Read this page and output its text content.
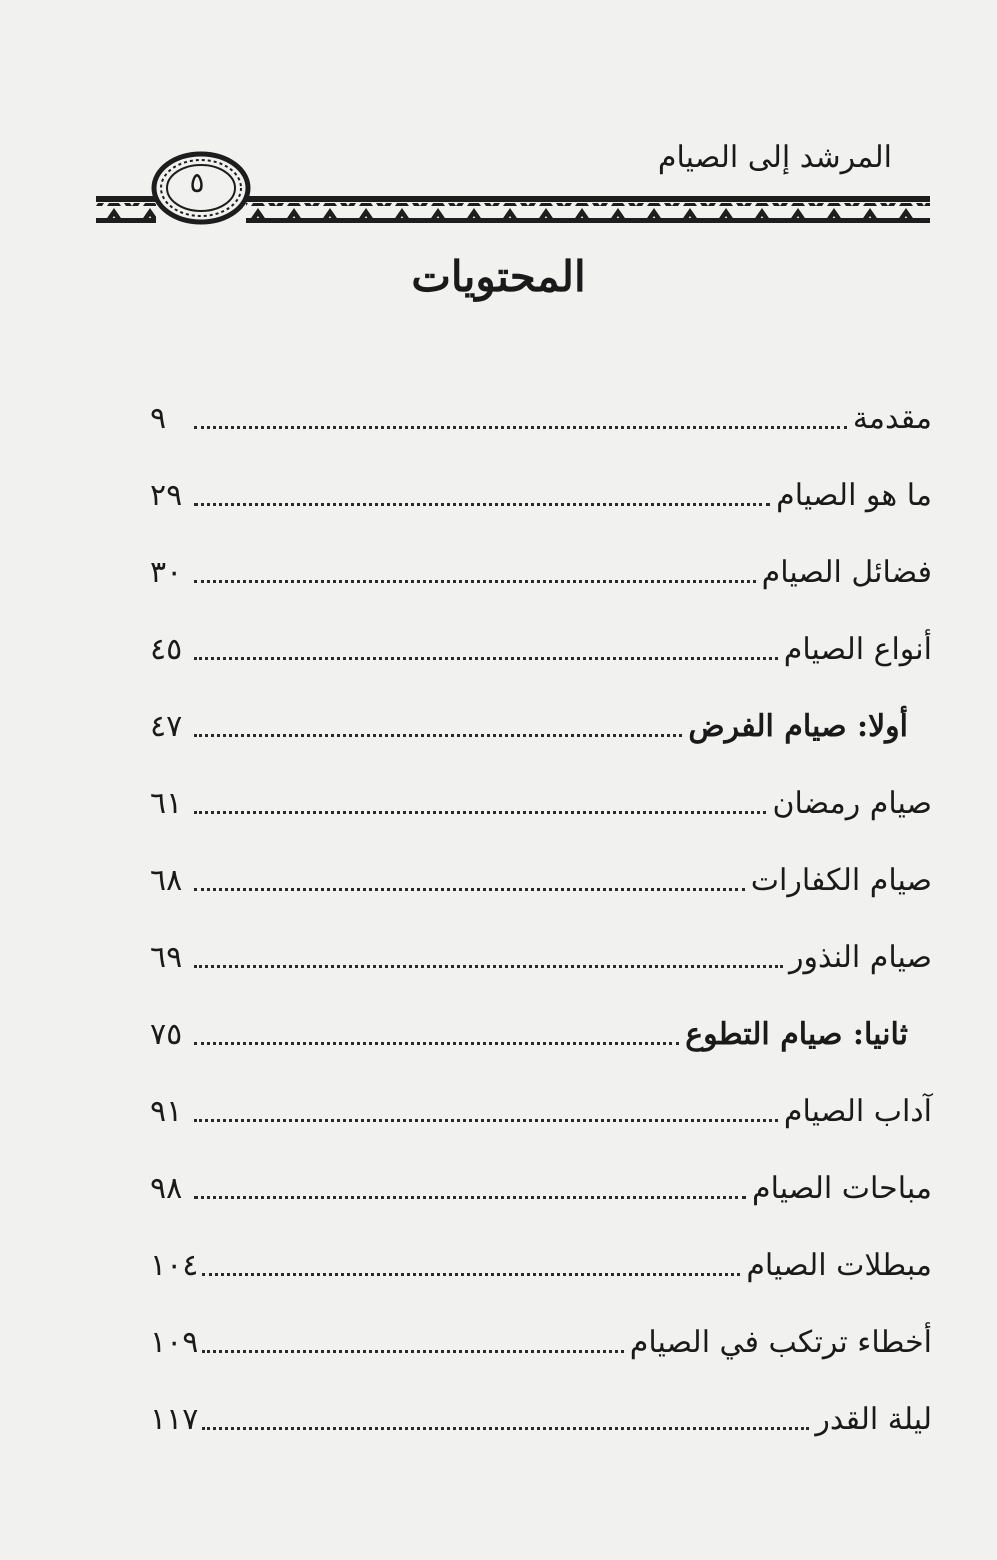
المرشد إلى الصيام
٥
المحتويات
مقدمة
٩
ما هو الصيام
٢٩
فضائل الصيام
٣٠
أنواع الصيام
٤٥
أولا: صيام الفرض
٤٧
صيام رمضان
٦١
صيام الكفارات
٦٨
صيام النذور
٦٩
ثانيا: صيام التطوع
٧٥
آداب الصيام
٩١
مباحات الصيام
٩٨
مبطلات الصيام
١٠٤
أخطاء ترتكب في الصيام
١٠٩
ليلة القدر
١١٧
